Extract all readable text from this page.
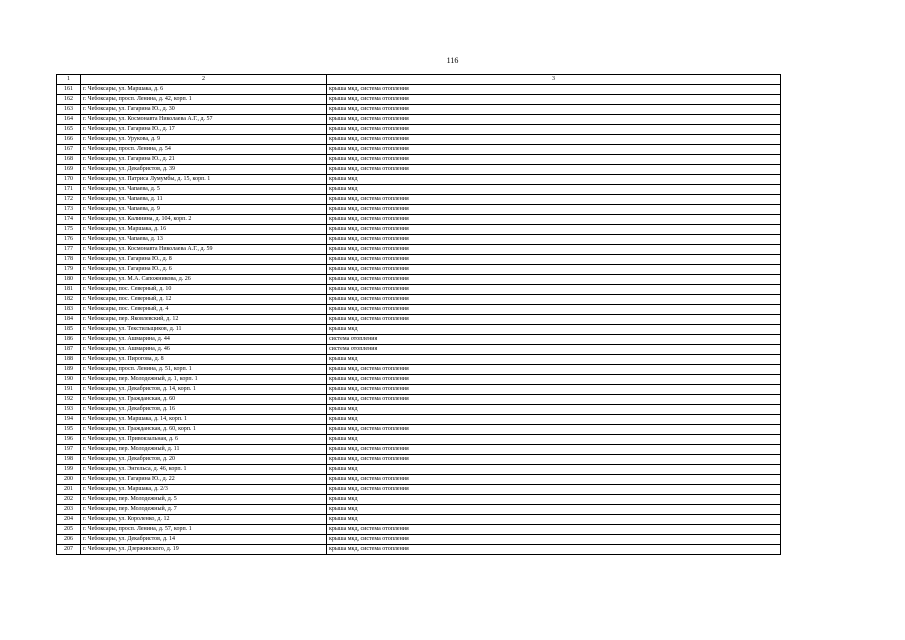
116
1	2	3
161	г. Чебоксары, ул. Маршака, д. 6	крыша мкд, система отопления
162	г. Чебоксары, просп. Ленина, д. 42, корп. 1	крыша мкд, система отопления
163	г. Чебоксары, ул. Гагарина Ю., д. 30	крыша мкд, система отопления
164	г. Чебоксары, ул. Космонавта Николаева А.Г., д. 57	крыша мкд, система отопления
165	г. Чебоксары, ул. Гагарина Ю., д. 17	крыша мкд, система отопления
166	г. Чебоксары, ул. Урукова, д. 9	крыша мкд, система отопления
167	г. Чебоксары, просп. Ленина, д. 54	крыша мкд, система отопления
168	г. Чебоксары, ул. Гагарина Ю., д. 21	крыша мкд, система отопления
169	г. Чебоксары, ул. Декабристов, д. 39	крыша мкд, система отопления
170	г. Чебоксары, ул. Патриса Лумумбы, д. 15, корп. 1	крыша мкд
171	г. Чебоксары, ул. Чапаева, д. 5	крыша мкд
172	г. Чебоксары, ул. Чапаева, д. 11	крыша мкд, система отопления
173	г. Чебоксары, ул. Чапаева, д. 9	крыша мкд, система отопления
174	г. Чебоксары, ул. Калинина, д. 104, корп. 2	крыша мкд, система отопления
175	г. Чебоксары, ул. Маршака, д. 16	крыша мкд, система отопления
176	г. Чебоксары, ул. Чапаева, д. 13	крыша мкд, система отопления
177	г. Чебоксары, ул. Космонавта Николаева А.Г., д. 59	крыша мкд, система отопления
178	г. Чебоксары, ул. Гагарина Ю., д. 8	крыша мкд, система отопления
179	г. Чебоксары, ул. Гагарина Ю., д. 6	крыша мкд, система отопления
180	г. Чебоксары, ул. М.А. Сапожникова, д. 26	крыша мкд, система отопления
181	г. Чебоксары, пос. Северный, д. 10	крыша мкд, система отопления
182	г. Чебоксары, пос. Северный, д. 12	крыша мкд, система отопления
183	г. Чебоксары, пос. Северный, д. 4	крыша мкд, система отопления
184	г. Чебоксары, пер. Яковлевский, д. 12	крыша мкд, система отопления
185	г. Чебоксары, ул. Текстильщиков, д. 11	крыша мкд
186	г. Чебоксары, ул. Ашмарина, д. 44	система отопления
187	г. Чебоксары, ул. Ашмарина, д. 46	система отопления
188	г. Чебоксары, ул. Пирогова, д. 8	крыша мкд
189	г. Чебоксары, просп. Ленина, д. 51, корп. 1	крыша мкд, система отопления
190	г. Чебоксары, пер. Молодежный, д. 1, корп. 1	крыша мкд, система отопления
191	г. Чебоксары, ул. Декабристов, д. 14, корп. 1	крыша мкд, система отопления
192	г. Чебоксары, ул. Гражданская, д. 60	крыша мкд, система отопления
193	г. Чебоксары, ул. Декабристов, д. 16	крыша мкд
194	г. Чебоксары, ул. Маршака, д. 14, корп. 1	крыша мкд
195	г. Чебоксары, ул. Гражданская, д. 60, корп. 1	крыша мкд, система отопления
196	г. Чебоксары, ул. Привокзальная, д. 6	крыша мкд
197	г. Чебоксары, пер. Молодежный, д. 11	крыша мкд, система отопления
198	г. Чебоксары, ул. Декабристов, д. 20	крыша мкд, система отопления
199	г. Чебоксары, ул. Энгельса, д. 46, корп. 1	крыша мкд
200	г. Чебоксары, ул. Гагарина Ю., д. 22	крыша мкд, система отопления
201	г. Чебоксары, ул. Маршака, д. 2/3	крыша мкд, система отопления
202	г. Чебоксары, пер. Молодежный, д. 5	крыша мкд
203	г. Чебоксары, пер. Молодежный, д. 7	крыша мкд
204	г. Чебоксары, ул. Короленко, д. 12	крыша мкд
205	г. Чебоксары, просп. Ленина, д. 57, корп. 1	крыша мкд, система отопления
206	г. Чебоксары, ул. Декабристов, д. 14	крыша мкд, система отопления
207	г. Чебоксары, ул. Дзержинского, д. 19	крыша мкд, система отопления
